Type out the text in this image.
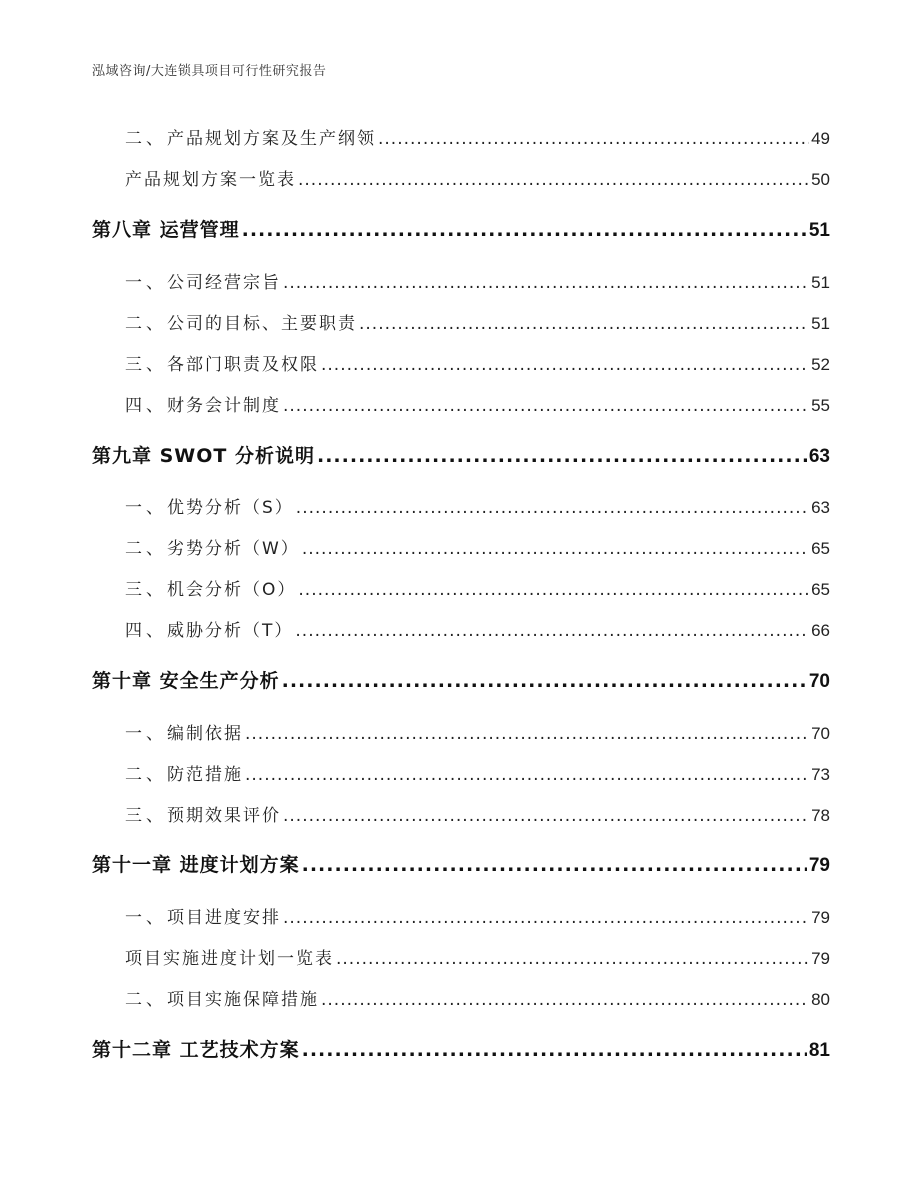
泓域咨询/大连锁具项目可行性研究报告
二、 产品规划方案及生产纲领 .....	49
产品规划方案一览表 .....	50
第八章 运营管理 .....	51
一、 公司经营宗旨 .....	51
二、 公司的目标、主要职责 .....	51
三、 各部门职责及权限 .....	52
四、 财务会计制度 .....	55
第九章 SWOT 分析说明 .....	63
一、 优势分析（S） .....	63
二、 劣势分析（W） .....	65
三、 机会分析（O） .....	65
四、 威胁分析（T） .....	66
第十章 安全生产分析 .....	70
一、 编制依据 .....	70
二、 防范措施 .....	73
三、 预期效果评价 .....	78
第十一章 进度计划方案 .....	79
一、 项目进度安排 .....	79
项目实施进度计划一览表 .....	79
二、 项目实施保障措施 .....	80
第十二章 工艺技术方案 .....	81
